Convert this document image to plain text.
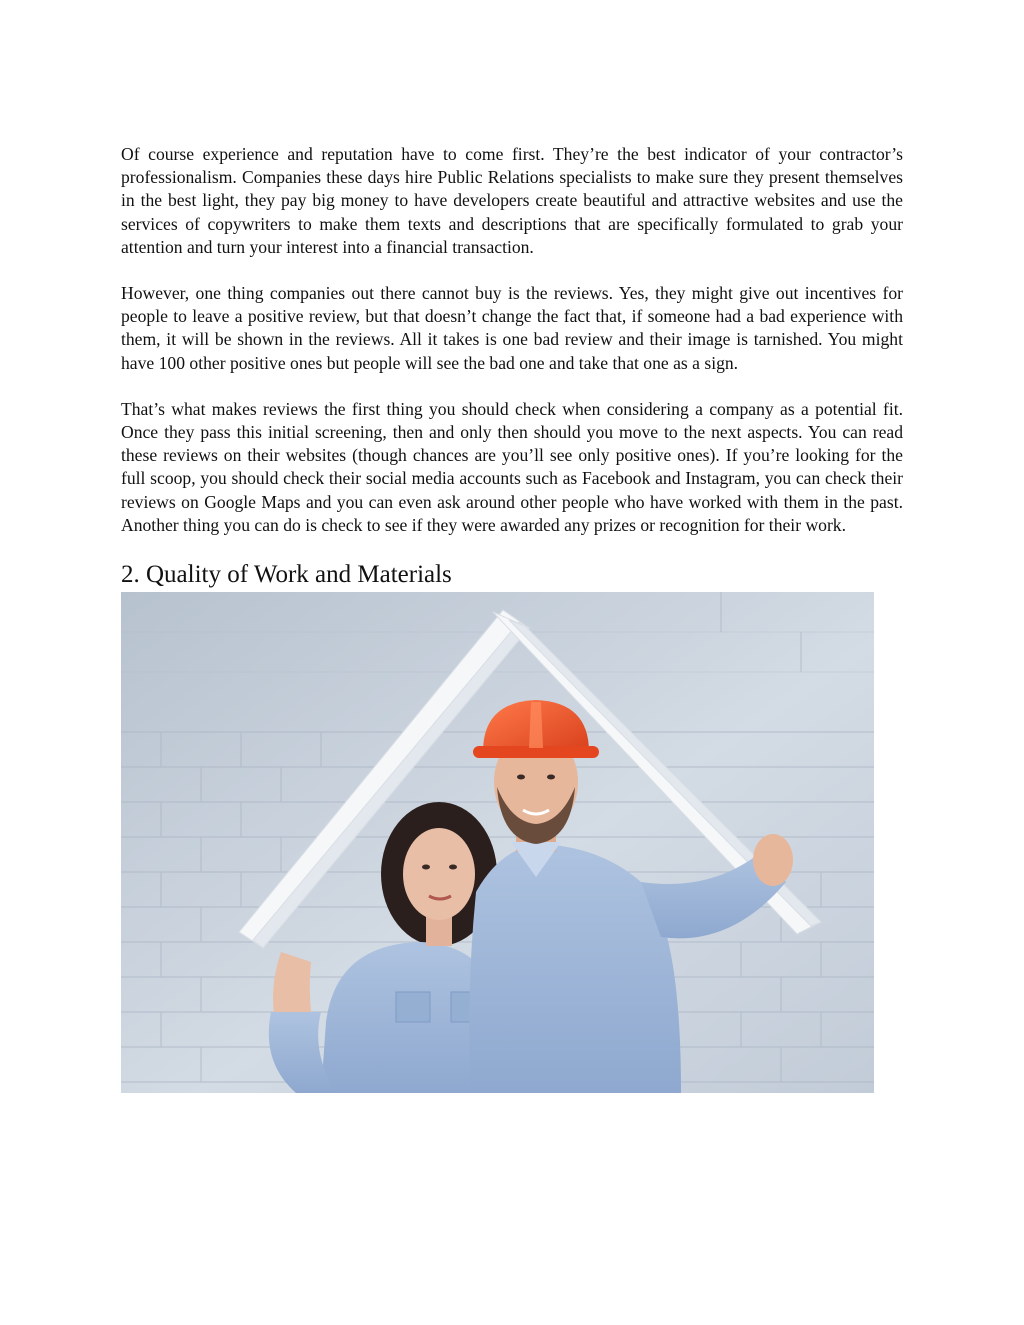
Of course experience and reputation have to come first. They’re the best indicator of your contractor’s professionalism. Companies these days hire Public Relations specialists to make sure they present themselves in the best light, they pay big money to have developers create beautiful and attractive websites and use the services of copywriters to make them texts and descriptions that are specifically formulated to grab your attention and turn your interest into a financial transaction.

However, one thing companies out there cannot buy is the reviews. Yes, they might give out incentives for people to leave a positive review, but that doesn’t change the fact that, if someone had a bad experience with them, it will be shown in the reviews. All it takes is one bad review and their image is tarnished. You might have 100 other positive ones but people will see the bad one and take that one as a sign.

That’s what makes reviews the first thing you should check when considering a company as a potential fit. Once they pass this initial screening, then and only then should you move to the next aspects. You can read these reviews on their websites (though chances are you’ll see only positive ones). If you’re looking for the full scoop, you should check their social media accounts such as Facebook and Instagram, you can check their reviews on Google Maps and you can even ask around other people who have worked with them in the past. Another thing you can do is check to see if they were awarded any prizes or recognition for their work.

2. Quality of Work and Materials
